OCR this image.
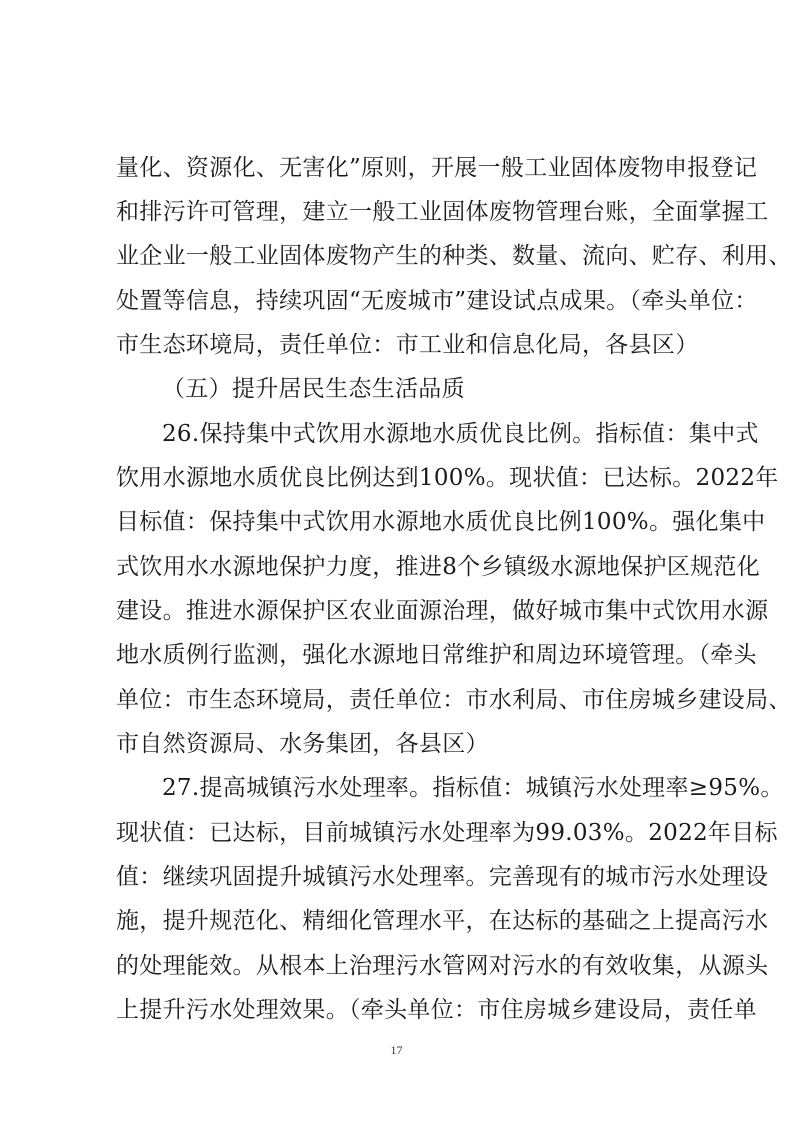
量化、资源化、无害化”原则，开展一般工业固体废物申报登记
和排污许可管理，建立一般工业固体废物管理台账，全面掌握工
业企业一般工业固体废物产生的种类、数量、流向、贮存、利用、
处置等信息，持续巩固“无废城市”建设试点成果。（牵头单位：
市生态环境局，责任单位：市工业和信息化局，各县区）
（五）提升居民生态生活品质
26.保持集中式饮用水源地水质优良比例。指标值：集中式
饮用水源地水质优良比例达到100%。现状值：已达标。2022年
目标值：保持集中式饮用水源地水质优良比例100%。强化集中
式饮用水水源地保护力度，推进8个乡镇级水源地保护区规范化
建设。推进水源保护区农业面源治理，做好城市集中式饮用水源
地水质例行监测，强化水源地日常维护和周边环境管理。（牵头
单位：市生态环境局，责任单位：市水利局、市住房城乡建设局、
市自然资源局、水务集团，各县区）
27.提高城镇污水处理率。指标值：城镇污水处理率≥95%。
现状值：已达标，目前城镇污水处理率为99.03%。2022年目标
值：继续巩固提升城镇污水处理率。完善现有的城市污水处理设
施，提升规范化、精细化管理水平，在达标的基础之上提高污水
的处理能效。从根本上治理污水管网对污水的有效收集，从源头
上提升污水处理效果。（牵头单位：市住房城乡建设局，责任单
17
